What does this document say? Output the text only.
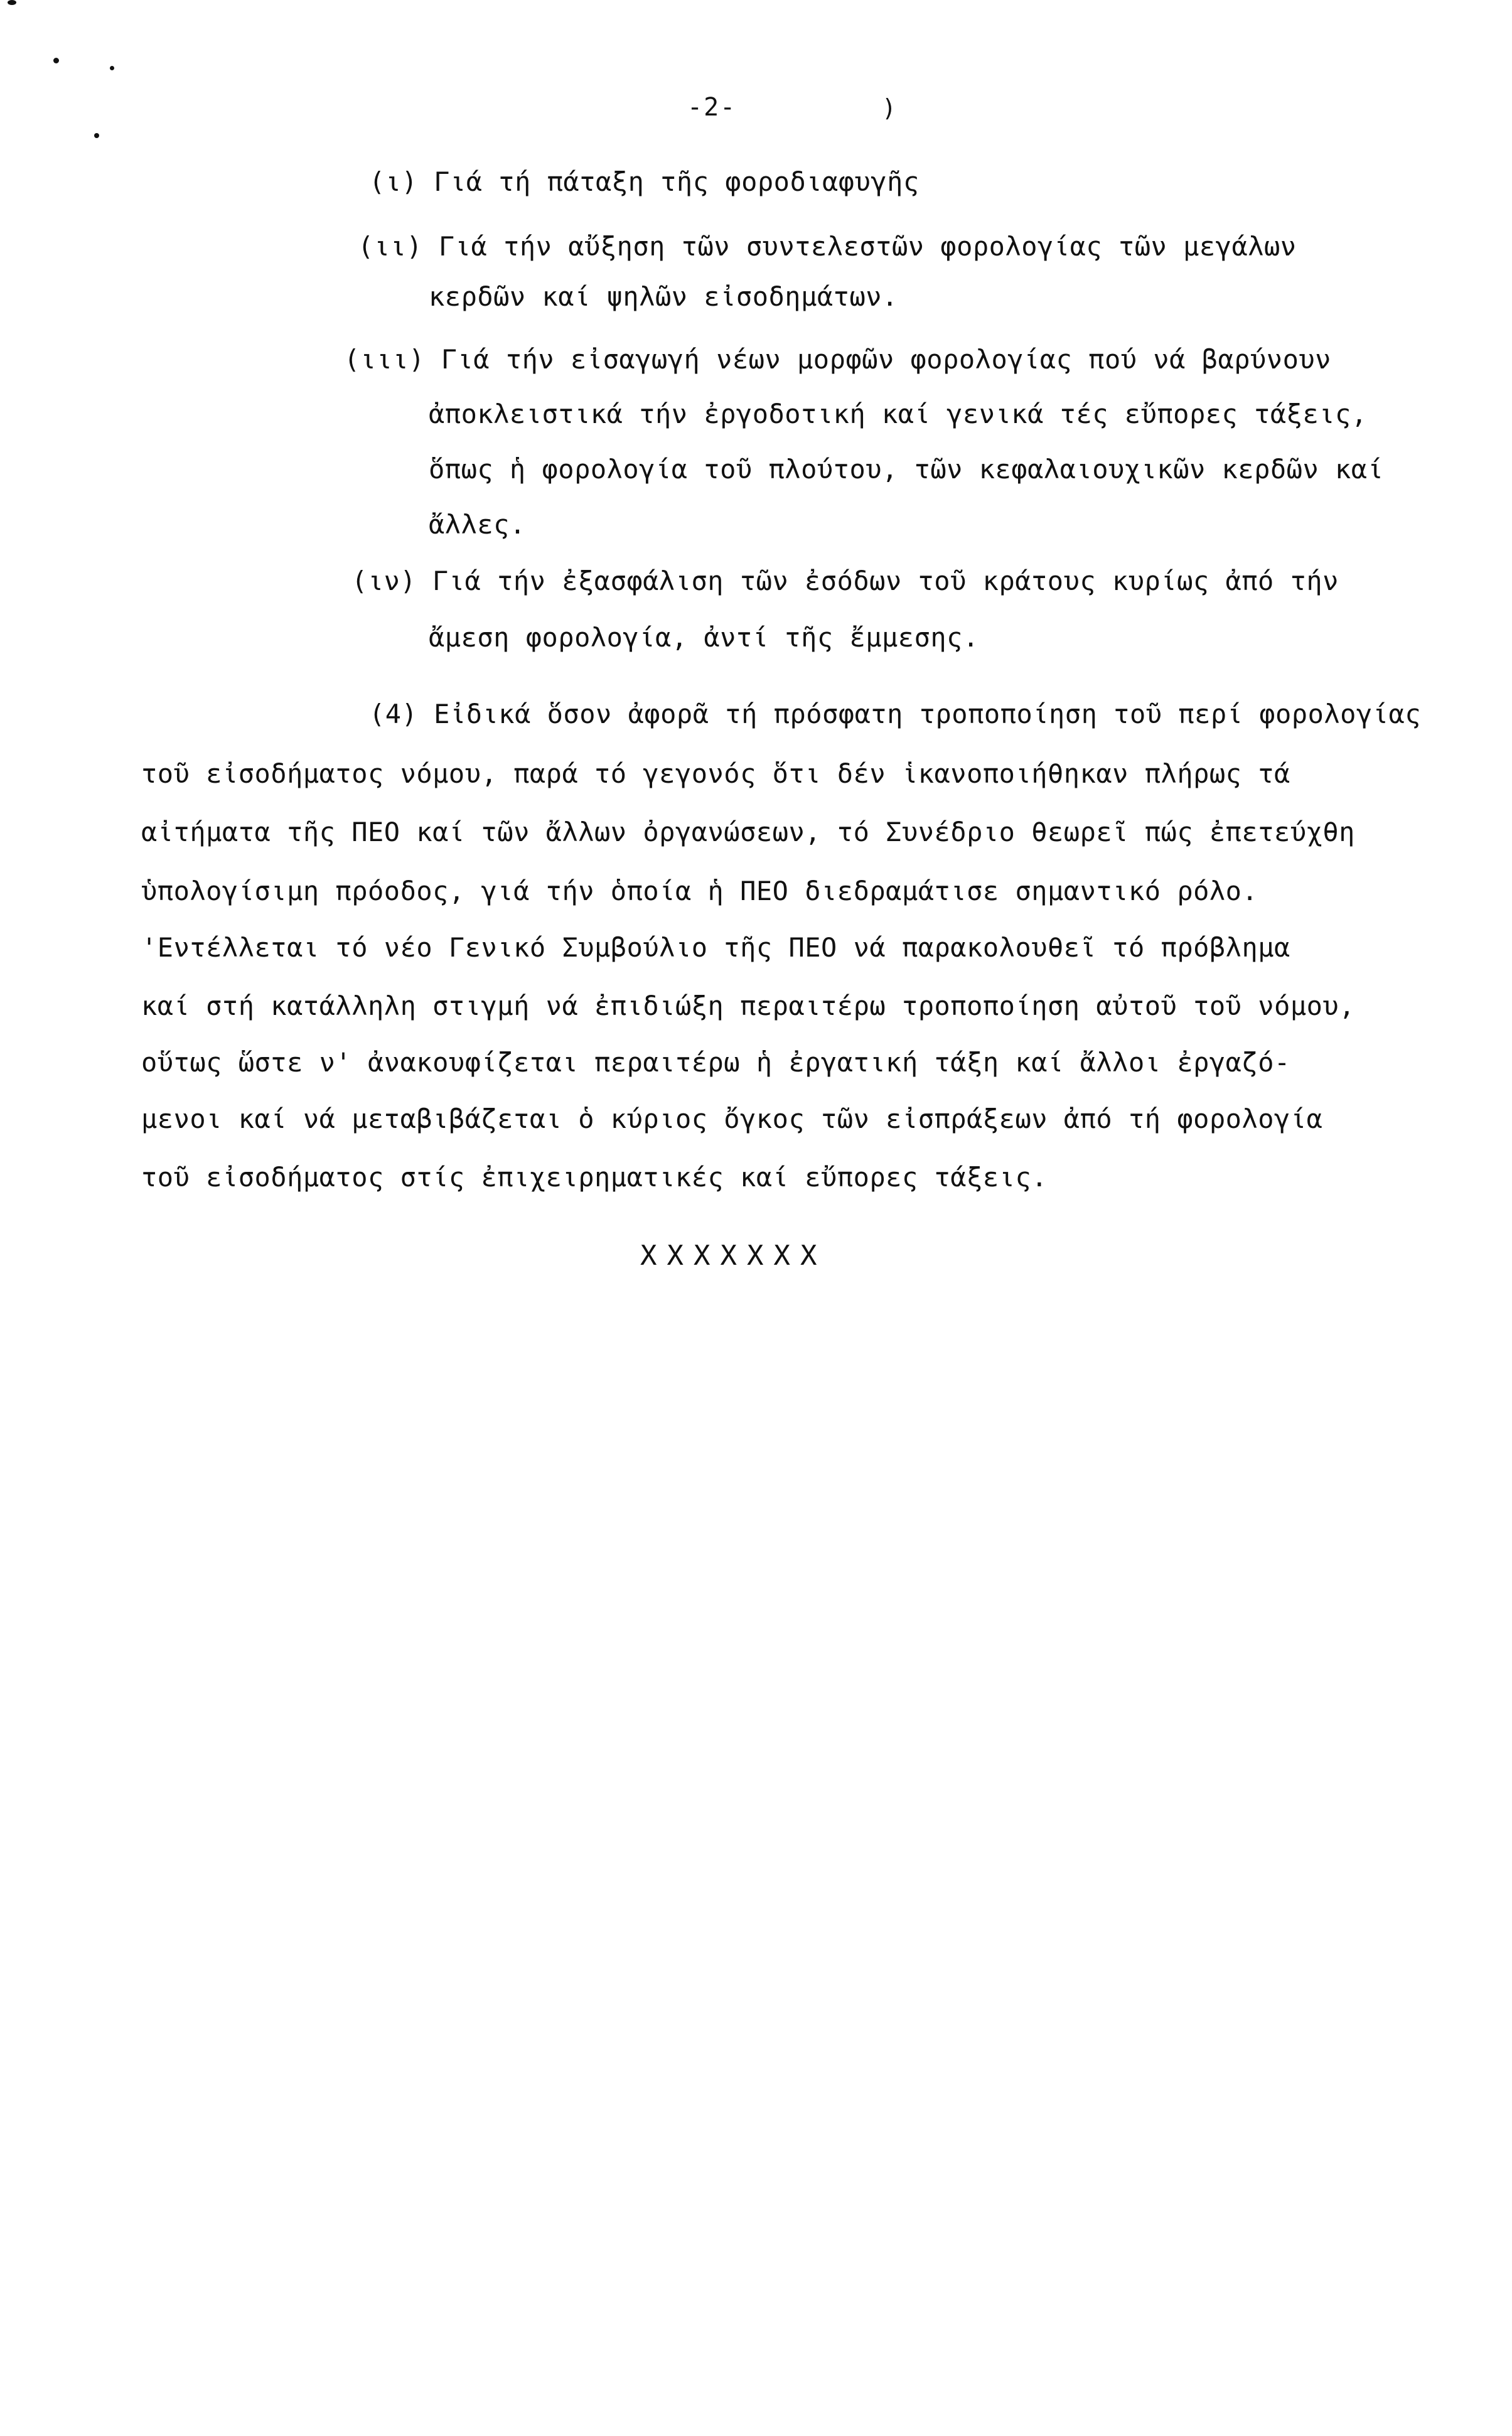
-2-	)
(ι) Γιά τή πάταξη τῆς φοροδιαφυγῆς
(ιι) Γιά τήν αὔξηση τῶν συντελεστῶν φορολογίας τῶν μεγάλων
κερδῶν καί ψηλῶν εἰσοδημάτων.
(ιιι) Γιά τήν εἰσαγωγή νέων μορφῶν φορολογίας πού νά βαρύνουν
ἀποκλειστικά τήν ἐργοδοτική καί γενικά τές εὔπορες τάξεις,
ὅπως ἡ φορολογία τοῦ πλούτου, τῶν κεφαλαιουχικῶν κερδῶν καί
ἄλλες.
(ιν) Γιά τήν ἐξασφάλιση τῶν ἐσόδων τοῦ κράτους κυρίως ἀπό τήν
ἄμεση φορολογία, ἀντί τῆς ἔμμεσης.
(4) Εἰδικά ὅσον ἀφορᾶ τή πρόσφατη τροποποίηση τοῦ περί φορολογίας
τοῦ εἰσοδήματος νόμου, παρά τό γεγονός ὅτι δέν ἱκανοποιήθηκαν πλήρως τά
αἰτήματα τῆς ΠΕΟ καί τῶν ἄλλων ὀργανώσεων, τό Συνέδριο θεωρεῖ πώς ἐπετεύχθη
ὑπολογίσιμη πρόοδος, γιά τήν ὁποία ἡ ΠΕΟ διεδραμάτισε σημαντικό ρόλο.
'Εντέλλεται τό νέο Γενικό Συμβούλιο τῆς ΠΕΟ νά παρακολουθεῖ τό πρόβλημα
καί στή κατάλληλη στιγμή νά ἐπιδιώξη περαιτέρω τροποποίηση αὐτοῦ τοῦ νόμου,
οὕτως ὥστε ν' ἀνακουφίζεται περαιτέρω ἡ ἐργατική τάξη καί ἄλλοι ἐργαζό-
μενοι καί νά μεταβιβάζεται ὁ κύριος ὄγκος τῶν εἰσπράξεων ἀπό τή φορολογία
τοῦ εἰσοδήματος στίς ἐπιχειρηματικές καί εὔπορες τάξεις.
XXXXXXX
